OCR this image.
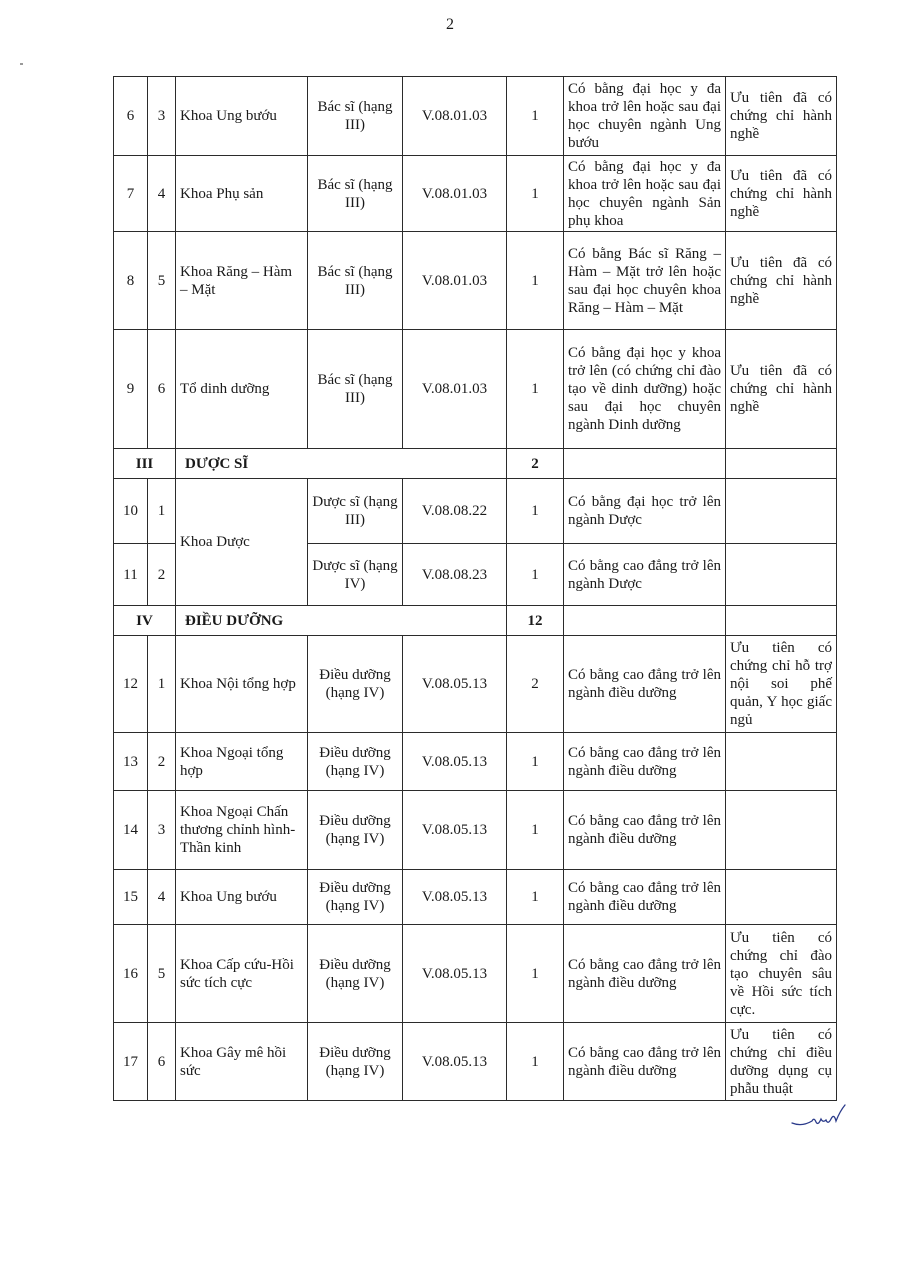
2
6	3	Khoa Ung bướu	Bác sĩ (hạng III)	V.08.01.03	1	Có bằng đại học y đa khoa trở lên hoặc sau đại học chuyên ngành Ung bướu	Ưu tiên đã có chứng chỉ hành nghề
7	4	Khoa Phụ sản	Bác sĩ (hạng III)	V.08.01.03	1	Có bằng đại học y đa khoa trở lên hoặc sau đại học chuyên ngành Sản phụ khoa	Ưu tiên đã có chứng chỉ hành nghề
8	5	Khoa Răng – Hàm – Mặt	Bác sĩ (hạng III)	V.08.01.03	1	Có bằng Bác sĩ Răng – Hàm – Mặt trở lên hoặc sau đại học chuyên khoa Răng – Hàm – Mặt	Ưu tiên đã có chứng chỉ hành nghề
9	6	Tổ dinh dưỡng	Bác sĩ (hạng III)	V.08.01.03	1	Có bằng đại học y khoa trở lên (có chứng chỉ đào tạo về dinh dưỡng) hoặc sau đại học chuyên ngành Dinh dưỡng	Ưu tiên đã có chứng chỉ hành nghề
III		DƯỢC SĨ			2		
10	1	Khoa Dược	Dược sĩ (hạng III)	V.08.08.22	1	Có bằng đại học trở lên ngành Dược	
11	2		Dược sĩ (hạng IV)	V.08.08.23	1	Có bằng cao đẳng trở lên ngành Dược	
IV		ĐIỀU DƯỠNG			12		
12	1	Khoa Nội tổng hợp	Điều dưỡng (hạng IV)	V.08.05.13	2	Có bằng cao đẳng trở lên ngành điều dưỡng	Ưu tiên có chứng chỉ hỗ trợ nội soi phế quản, Y học giấc ngủ
13	2	Khoa Ngoại tổng hợp	Điều dưỡng (hạng IV)	V.08.05.13	1	Có bằng cao đẳng trở lên ngành điều dưỡng	
14	3	Khoa Ngoại Chấn thương chỉnh hình-Thần kinh	Điều dưỡng (hạng IV)	V.08.05.13	1	Có bằng cao đẳng trở lên ngành điều dưỡng	
15	4	Khoa Ung bướu	Điều dưỡng (hạng IV)	V.08.05.13	1	Có bằng cao đẳng trở lên ngành điều dưỡng	
16	5	Khoa Cấp cứu-Hồi sức tích cực	Điều dưỡng (hạng IV)	V.08.05.13	1	Có bằng cao đẳng trở lên ngành điều dưỡng	Ưu tiên có chứng chỉ đào tạo chuyên sâu về Hồi sức tích cực.
17	6	Khoa Gây mê hồi sức	Điều dưỡng (hạng IV)	V.08.05.13	1	Có bằng cao đẳng trở lên ngành điều dưỡng	Ưu tiên có chứng chỉ điều dưỡng dụng cụ phẫu thuật
